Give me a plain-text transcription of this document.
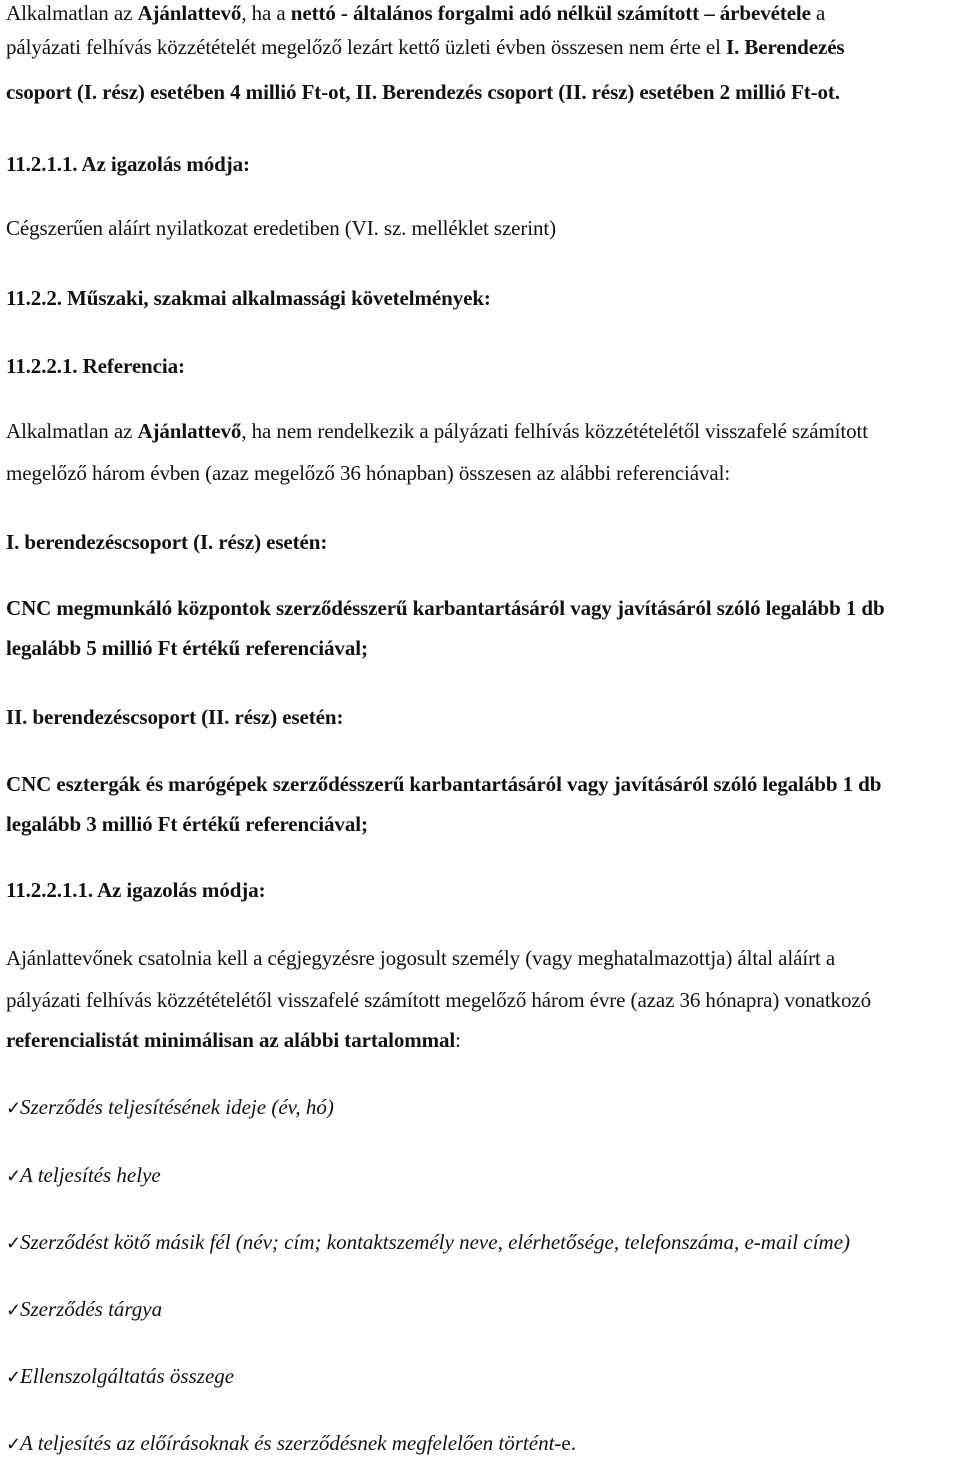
Alkalmatlan az Ajánlattevő, ha a nettó - általános forgalmi adó nélkül számított – árbevétele a
pályázati felhívás közzétételét megelőző lezárt kettő üzleti évben összesen nem érte el I. Berendezés
csoport (I. rész) esetében 4 millió Ft-ot, II. Berendezés csoport (II. rész) esetében 2 millió Ft-ot.
11.2.1.1. Az igazolás módja:
Cégszerűen aláírt nyilatkozat eredetiben (VI. sz. melléklet szerint)
11.2.2. Műszaki, szakmai alkalmassági követelmények:
11.2.2.1. Referencia:
Alkalmatlan az Ajánlattevő, ha nem rendelkezik a pályázati felhívás közzétételétől visszafelé számított
megelőző három évben (azaz megelőző 36 hónapban) összesen az alábbi referenciával:
I. berendezéscsoport (I. rész) esetén:
CNC megmunkáló központok szerződésszerű karbantartásáról vagy javításáról szóló legalább 1 db
legalább 5 millió Ft értékű referenciával;
II. berendezéscsoport (II. rész) esetén:
CNC esztergák és marógépek szerződésszerű karbantartásáról vagy javításáról szóló legalább 1 db
legalább 3 millió Ft értékű referenciával;
11.2.2.1.1. Az igazolás módja:
Ajánlattevőnek csatolnia kell a cégjegyzésre jogosult személy (vagy meghatalmazottja) által aláírt a
pályázati felhívás közzétételétől visszafelé számított megelőző három évre (azaz 36 hónapra) vonatkozó
referencialistát minimálisan az alábbi tartalommal:
✓Szerződés teljesítésének ideje (év, hó)
✓A teljesítés helye
✓Szerződést kötő másik fél (név; cím; kontaktszemély neve, elérhetősége, telefonszáma, e-mail címe)
✓Szerződés tárgya
✓Ellenszolgáltatás összege
✓A teljesítés az előírásoknak és szerződésnek megfelelően történt-e.
